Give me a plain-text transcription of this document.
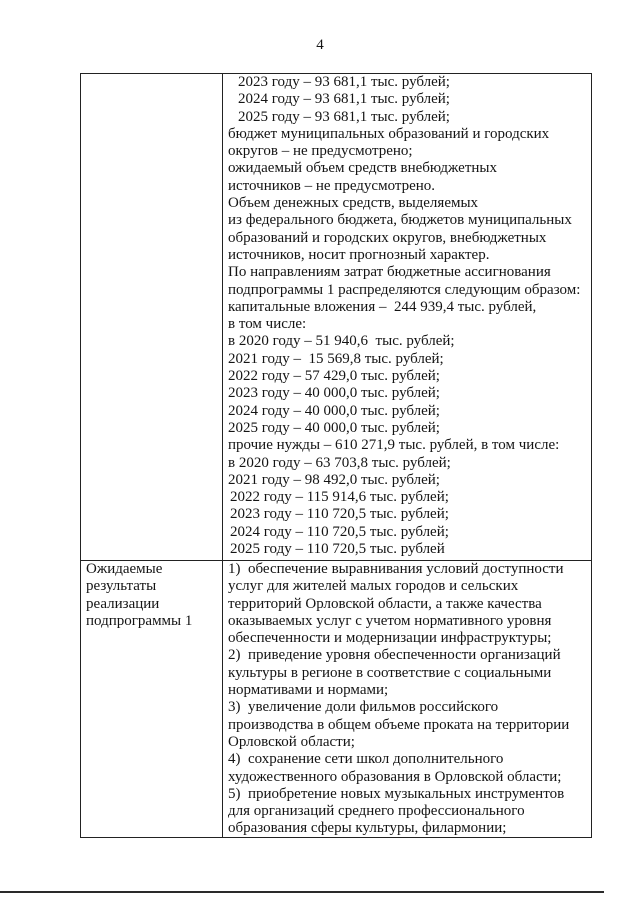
4
2023 году – 93 681,1 тыс. рублей;
2024 году – 93 681,1 тыс. рублей;
2025 году – 93 681,1 тыс. рублей;
бюджет муниципальных образований и городских
округов – не предусмотрено;
ожидаемый объем средств внебюджетных
источников – не предусмотрено.
Объем денежных средств, выделяемых
из федерального бюджета, бюджетов муниципальных
образований и городских округов, внебюджетных
источников, носит прогнозный характер.
По направлениям затрат бюджетные ассигнования
подпрограммы 1 распределяются следующим образом:
капитальные вложения –  244 939,4 тыс. рублей,
в том числе:
в 2020 году – 51 940,6  тыс. рублей;
2021 году –  15 569,8 тыс. рублей;
2022 году – 57 429,0 тыс. рублей;
2023 году – 40 000,0 тыс. рублей;
2024 году – 40 000,0 тыс. рублей;
2025 году – 40 000,0 тыс. рублей;
прочие нужды – 610 271,9 тыс. рублей, в том числе:
в 2020 году – 63 703,8 тыс. рублей;
2021 году – 98 492,0 тыс. рублей;
2022 году – 115 914,6 тыс. рублей;
2023 году – 110 720,5 тыс. рублей;
2024 году – 110 720,5 тыс. рублей;
2025 году – 110 720,5 тыс. рублей
Ожидаемые
результаты
реализации
подпрограммы 1
1)  обеспечение выравнивания условий доступности
услуг для жителей малых городов и сельских
территорий Орловской области, а также качества
оказываемых услуг с учетом нормативного уровня
обеспеченности и модернизации инфраструктуры;
2)  приведение уровня обеспеченности организаций
культуры в регионе в соответствие с социальными
нормативами и нормами;
3)  увеличение доли фильмов российского
производства в общем объеме проката на территории
Орловской области;
4)  сохранение сети школ дополнительного
художественного образования в Орловской области;
5)  приобретение новых музыкальных инструментов
для организаций среднего профессионального
образования сферы культуры, филармонии;
